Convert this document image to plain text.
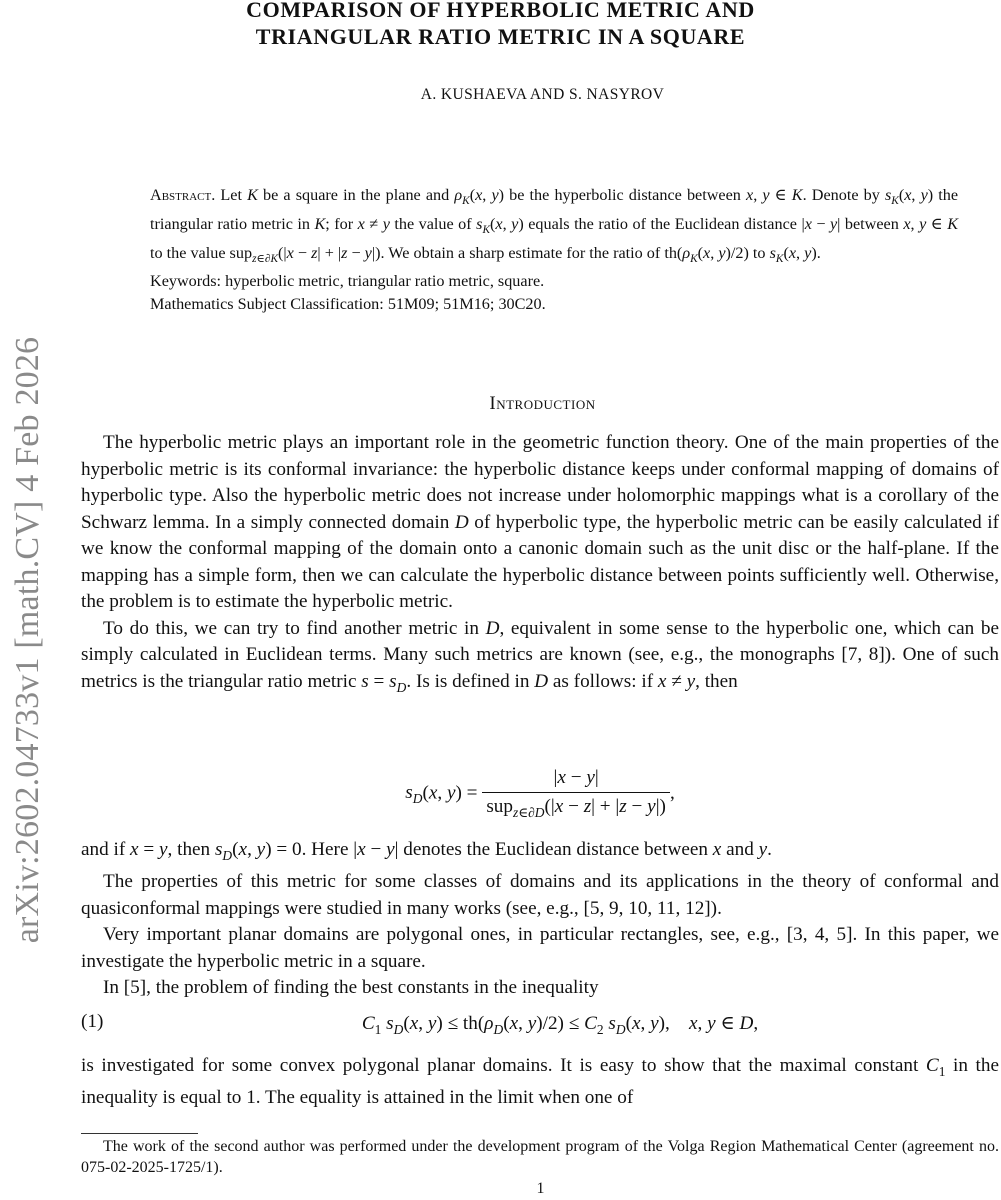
COMPARISON OF HYPERBOLIC METRIC AND
TRIANGULAR RATIO METRIC IN A SQUARE
A. KUSHAEVA AND S. NASYROV
arXiv:2602.04733v1 [math.CV] 4 Feb 2026

Abstract. Let K be a square in the plane and $\rho_K(x$, y) be the hyperbolic distance between x, y ∈ K. Denote by $s_K(x$, y) the triangular ratio metric in K; for x ≠ y the value of $s_K(x$, y) equals the ratio of the Euclidean distance |x − y| between x, y ∈ K to the value sup$_{z\in\partial K}$(|x − z| + |z − y|). We obtain a sharp estimate for the ratio of $th(\rho_K(x$, y)/2) to $s_K(x$, y).

Keywords: hyperbolic metric, triangular ratio metric, square.

Mathematics Subject Classification: 51M09; 51M16; 30C20.

Introduction

The hyperbolic metric plays an important role in the geometric function theory. One of the main properties of the hyperbolic metric is its conformal invariance: the hyperbolic distance keeps under conformal mapping of domains of hyperbolic type. Also the hyperbolic metric does not increase under holomorphic mappings what is a corollary of the Schwarz lemma. In a simply connected domain D of hyperbolic type, the hyperbolic metric can be easily calculated if we know the conformal mapping of the domain onto a canonic domain such as the unit disc or the half-plane. If the mapping has a simple form, then we can calculate the hyperbolic distance between points sufficiently well. Otherwise, the problem is to estimate the hyperbolic metric.

To do this, we can try to find another metric in D, equivalent in some sense to the hyperbolic one, which can be simply calculated in Euclidean terms. Many such metrics are known (see, e.g., the monographs [7, 8]). One of such metrics is the triangular ratio metric $s = s_D$. Is is defined in D as follows: if x ≠ y, then

$s_D(x$, $y) = \frac{|x - y|}{sup_{z\in\partial D}(|x - z| + |z - y|)}$ ,

and if x = y, then $s_D(x$, y) = 0. Here |x − y| denotes the Euclidean distance between x and y.

The properties of this metric for some classes of domains and its applications in the theory of conformal and quasiconformal mappings were studied in many works (see, e.g., [5, 9, 10, 11, 12]).

Very important planar domains are polygonal ones, in particular rectangles, see, e.g., [3, 4, 5]. In this paper, we investigate the hyperbolic metric in a square.

In [5], the problem of finding the best constants in the inequality

(1)	$C_1$ $s_D(x$, $y) \le th(\rho_D(x$, $y)/2) \le C_2$ $s_D(x$, y),    x, y ∈ D,

is investigated for some convex polygonal planar domains. It is easy to show that the maximal constant $C_1$ in the inequality is equal to 1. The equality is attained in the limit when one of

The work of the second author was performed under the development program of the Volga Region Mathematical Center (agreement no. 075-02-2025-1725/1).

1
